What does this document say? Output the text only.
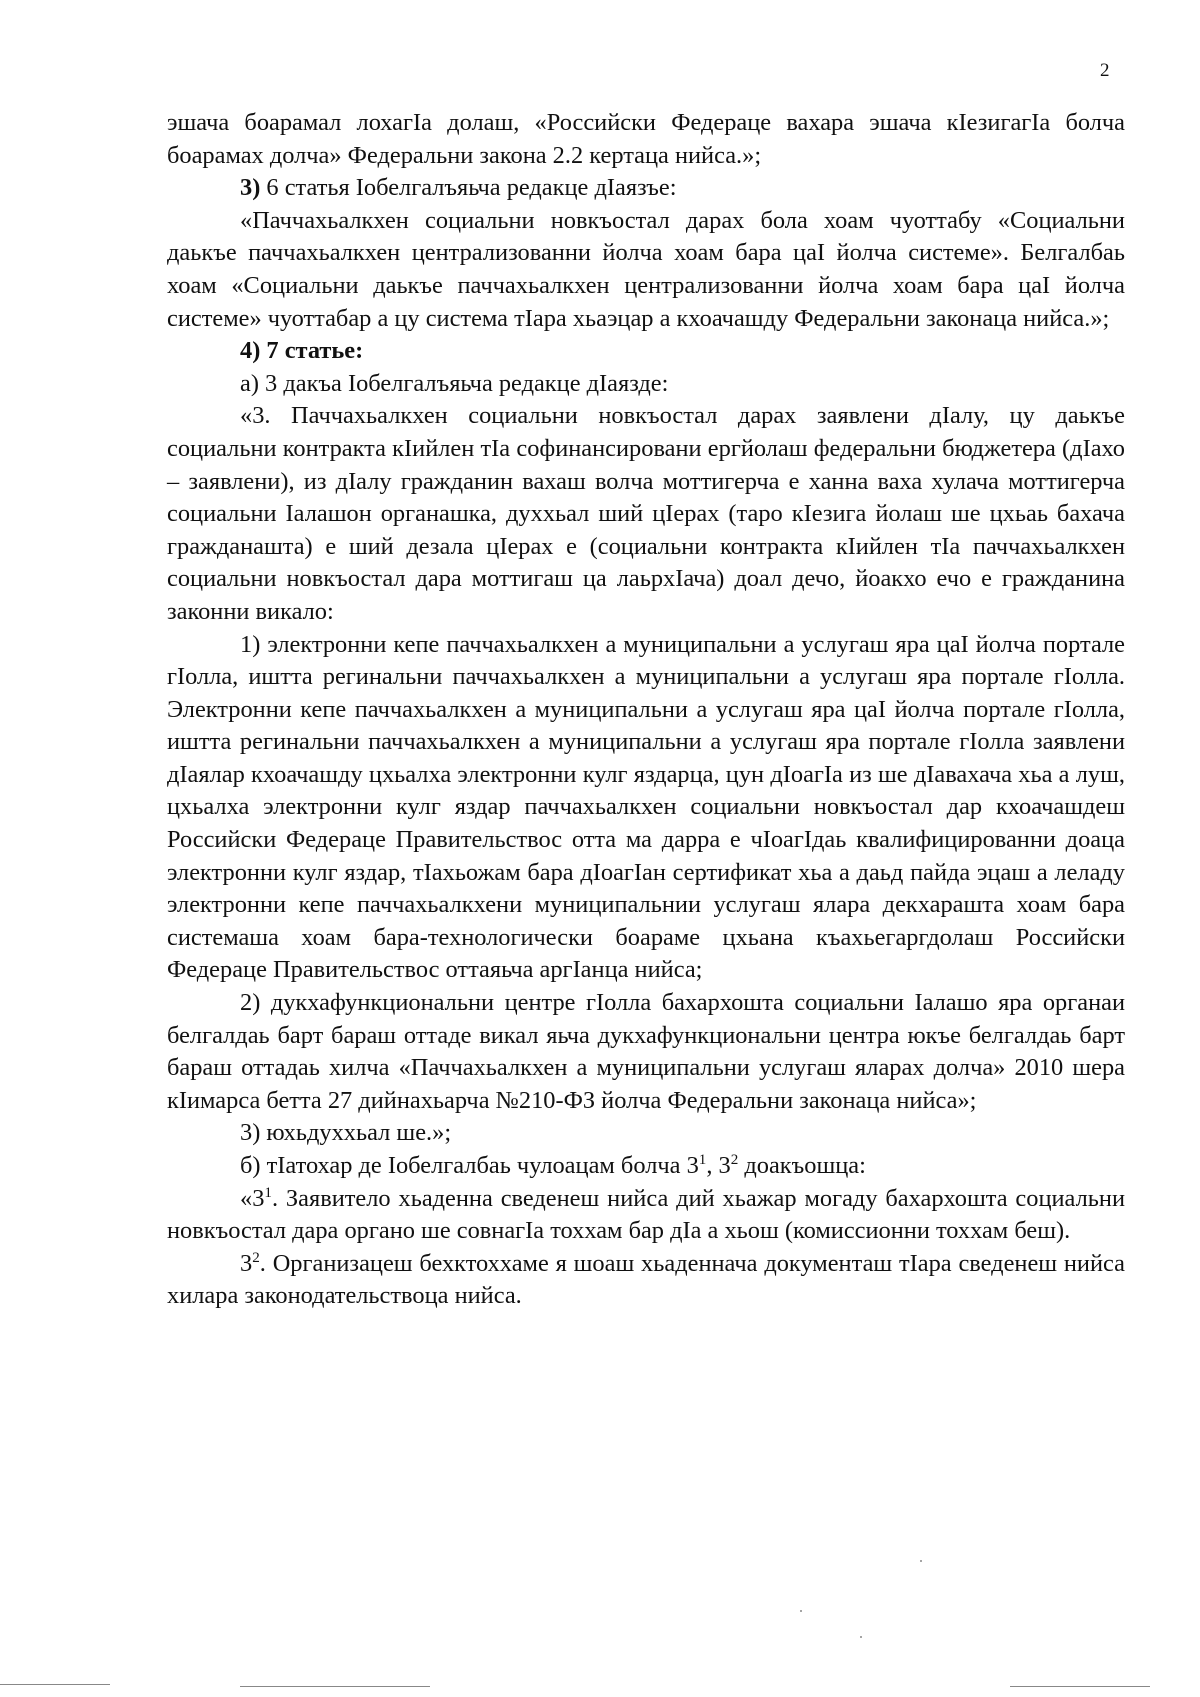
2

эшача боарамал лохагIа долаш, «Российски Федераце вахара эшача кIезигагIа болча боарамах долча» Федеральни закона 2.2 кертаца нийса.»;

3) 6 статья Iобелгалъяьча редакце дIаязъе:

«Паччахьалкхен социальни новкъостал дарах бола хоам чуоттабу «Социальни даькъе паччахьалкхен централизованни йолча хоам бара цаI йолча системе». Белгалбаь хоам «Социальни даькъе паччахьалкхен централизованни йолча хоам бара цаI йолча системе» чуоттабар а цу система тIара хьаэцар а кхоачашду Федеральни законаца нийса.»;

4) 7 статье:

а) 3 дакъа Iобелгалъяьча редакце дIаязде:

«3. Паччахьалкхен социальни новкъостал дарах заявлени дIалу, цу даькъе социальни контракта кIийлен тIа софинансировани ергйолаш федеральни бюджетера (дIахо – заявлени), из дIалу гражданин вахаш волча моттигерча е ханна ваха хулача моттигерча социальни Iалашон органашка, духхьал ший цIерах (таро кIезига йолаш ше цхьаь бахача гражданашта) е ший дезала цIерах е (социальни контракта кIийлен тIа паччахьалкхен социальни новкъостал дара моттигаш ца лаьрхIача) доал дечо, йоакхо ечо е гражданина законни викало:

1) электронни кепе паччахьалкхен а муниципальни а услугаш яра цаI йолча портале гIолла, иштта регинальни паччахьалкхен а муниципальни а услугаш яра портале гIолла. Электронни кепе паччахьалкхен а муниципальни а услугаш яра цаI йолча портале гIолла, иштта регинальни паччахьалкхен а муниципальни а услугаш яра портале гIолла заявлени дIаялар кхоачашду цхьалха электронни кулг яздарца, цун дIоагIа из ше дIавахача хьа а луш, цхьалха электронни кулг яздар паччахьалкхен социальни новкъостал дар кхоачашдеш Российски Федераце Правительствос отта ма дарра е чIоагIдаь квалифицированни доаца электронни кулг яздар, тIахьожам бара дIоагIан сертификат хьа а даьд пайда эцаш а леладу электронни кепе паччахьалкхени муниципальнии услугаш ялара декхарашта хоам бара системаша хоам бара-технологически боараме цхьана къахьегаргдолаш Российски Федераце Правительствос оттаяьча аргIанца нийса;

2) дукхафункциональни центре гIолла бахархошта социальни Iалашо яра органаи белгалдаь барт бараш оттаде викал яьча дукхафункциональни центра юкъе белгалдаь барт бараш оттадаь хилча «Паччахьалкхен а муниципальни услугаш яларах долча» 2010 шера кIимарса бетта 27 дийнахьарча №210-ФЗ йолча Федеральни законаца нийса»;

3) юхьдуххьал ше.»;

б) тIатохар де Iобелгалбаь чулоацам болча $3^1$, $3^2$ доакъошца:

«$3^1$. Заявитело хьаденна сведенеш нийса дий хьажар могаду бахархошта социальни новкъостал дара органо ше совнагIа тоххам бар дIа а хьош (комиссионни тоххам беш).

$3^2$. Организацеш бехктоххаме я шоаш хьаденнача документаш тIара сведенеш нийса хилара законодательствоца нийса.
